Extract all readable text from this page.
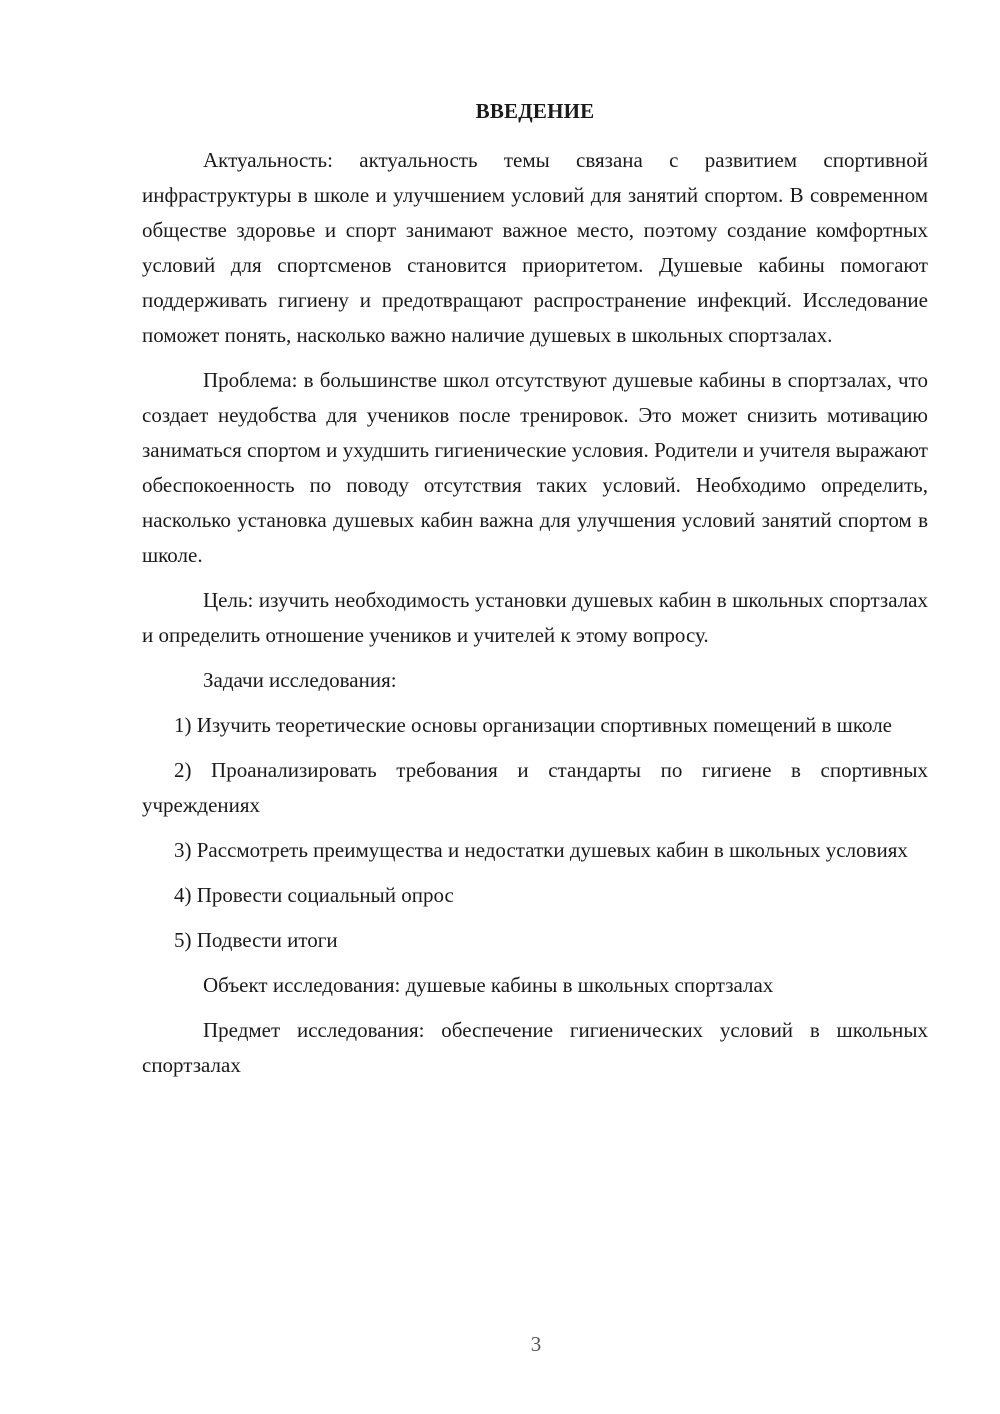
ВВЕДЕНИЕ

Актуальность: актуальность темы связана с развитием спортивной инфраструктуры в школе и улучшением условий для занятий спортом. В современном обществе здоровье и спорт занимают важное место, поэтому создание комфортных условий для спортсменов становится приоритетом. Душевые кабины помогают поддерживать гигиену и предотвращают распространение инфекций. Исследование поможет понять, насколько важно наличие душевых в школьных спортзалах.

Проблема: в большинстве школ отсутствуют душевые кабины в спортзалах, что создает неудобства для учеников после тренировок. Это может снизить мотивацию заниматься спортом и ухудшить гигиенические условия. Родители и учителя выражают обеспокоенность по поводу отсутствия таких условий. Необходимо определить, насколько установка душевых кабин важна для улучшения условий занятий спортом в школе.

Цель: изучить необходимость установки душевых кабин в школьных спортзалах и определить отношение учеников и учителей к этому вопросу.

Задачи исследования:

1) Изучить теоретические основы организации спортивных помещений в школе

2) Проанализировать требования и стандарты по гигиене в спортивных учреждениях

3) Рассмотреть преимущества и недостатки душевых кабин в школьных условиях

4) Провести социальный опрос

5) Подвести итоги

Объект исследования: душевые кабины в школьных спортзалах

Предмет исследования: обеспечение гигиенических условий в школьных спортзалах

3
